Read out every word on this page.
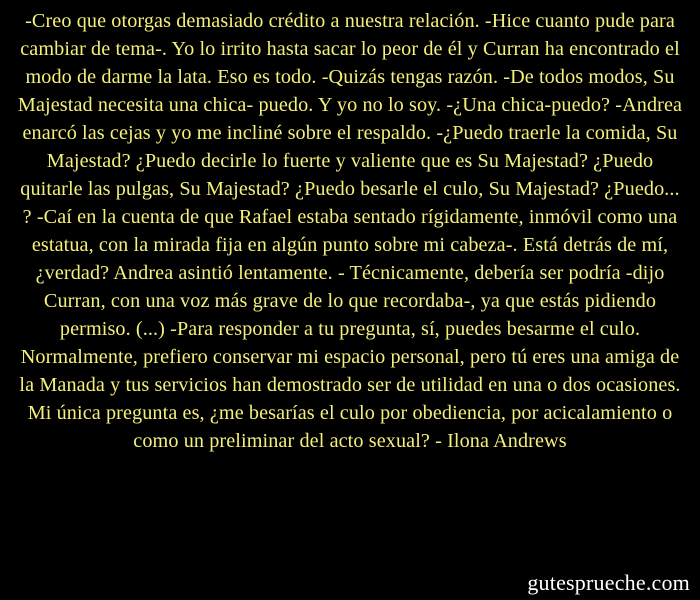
-Creo que otorgas demasiado crédito a nuestra relación. -Hice cuanto pude para cambiar de tema-. Yo lo irrito hasta sacar lo peor de él y Curran ha encontrado el modo de darme la lata. Eso es todo. -Quizás tengas razón. -De todos modos, Su Majestad necesita una chica- puedo. Y yo no lo soy. -¿Una chica-puedo? -Andrea enarcó las cejas y yo me incliné sobre el respaldo. -¿Puedo traerle la comida, Su Majestad? ¿Puedo decirle lo fuerte y valiente que es Su Majestad? ¿Puedo quitarle las pulgas, Su Majestad? ¿Puedo besarle el culo, Su Majestad? ¿Puedo... ? -Caí en la cuenta de que Rafael estaba sentado rígidamente, inmóvil como una estatua, con la mirada fija en algún punto sobre mi cabeza-. Está detrás de mí, ¿verdad? Andrea asintió lentamente. - Técnicamente, debería ser podría -dijo Curran, con una voz más grave de lo que recordaba-, ya que estás pidiendo permiso. (...) -Para responder a tu pregunta, sí, puedes besarme el culo. Normalmente, prefiero conservar mi espacio personal, pero tú eres una amiga de la Manada y tus servicios han demostrado ser de utilidad en una o dos ocasiones. Mi única pregunta es, ¿me besarías el culo por obediencia, por acicalamiento o como un preliminar del acto sexual? - Ilona Andrews

gutesprueche.com
